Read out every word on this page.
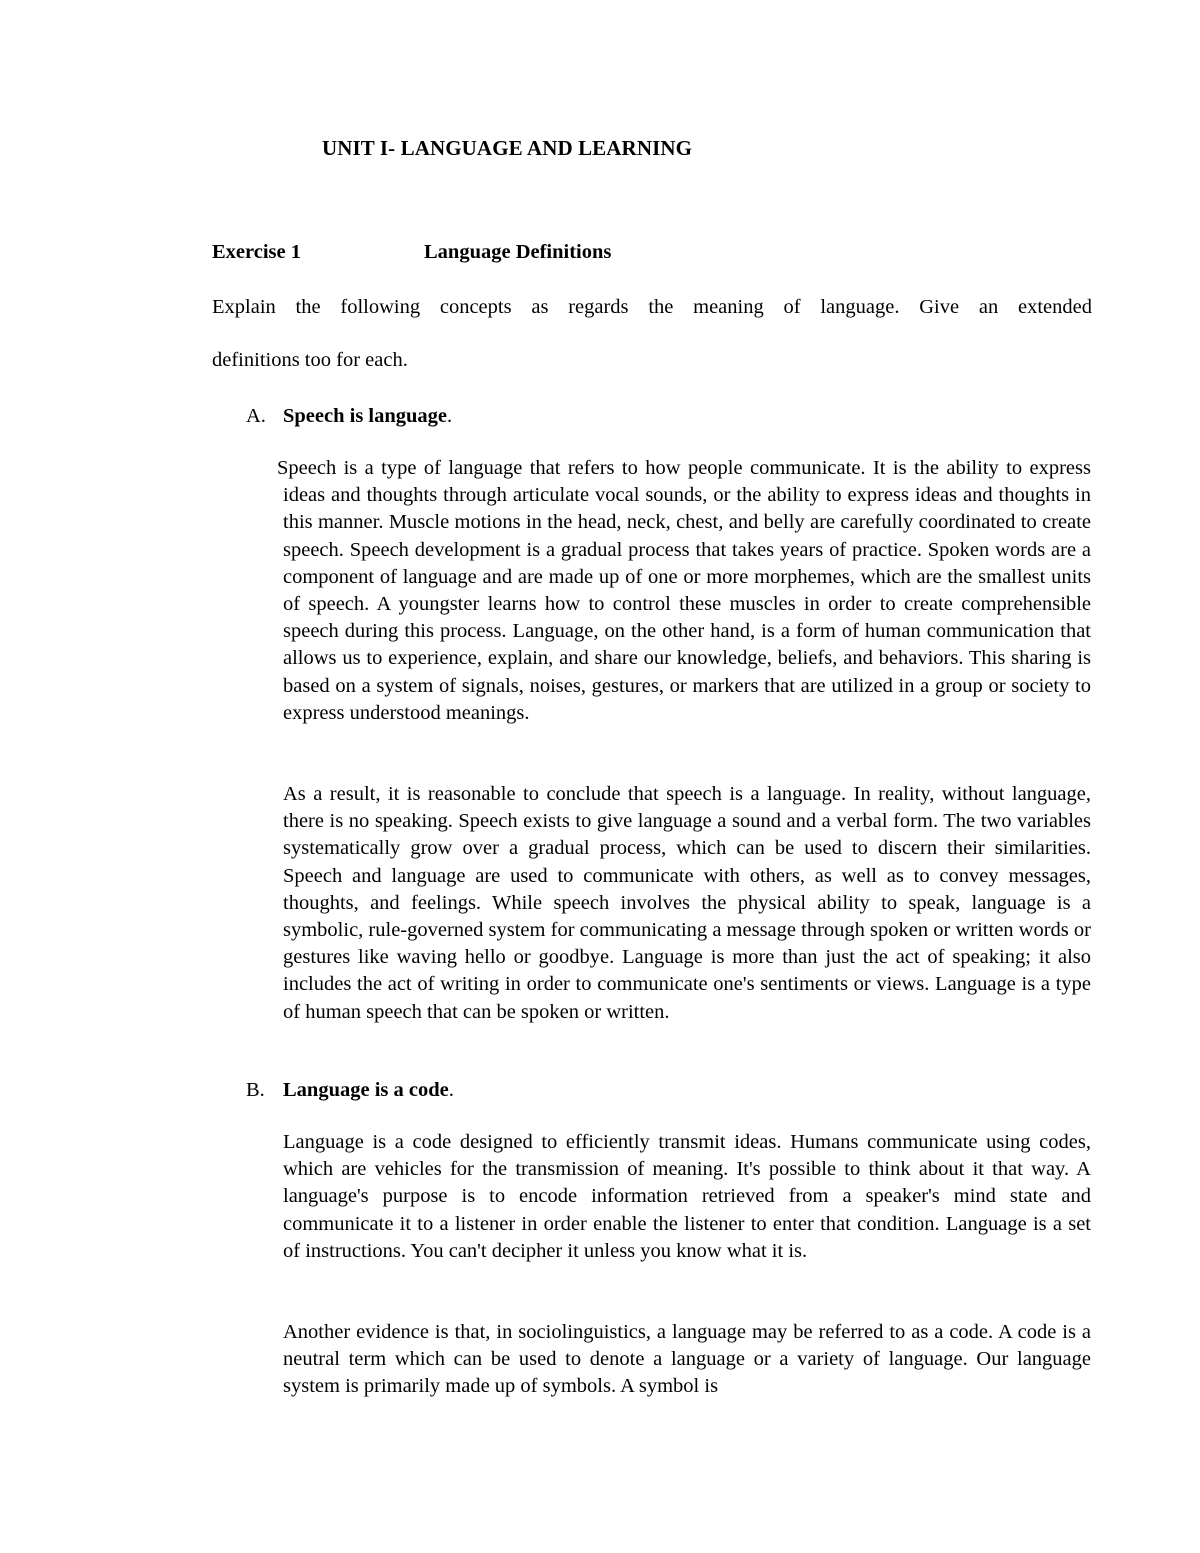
UNIT I- LANGUAGE AND LEARNING
Exercise 1	Language Definitions
Explain the following concepts as regards the meaning of language. Give an extended
definitions too for each.
A. Speech is language.

Speech is a type of language that refers to how people communicate. It is the ability to express ideas and thoughts through articulate vocal sounds, or the ability to express ideas and thoughts in this manner. Muscle motions in the head, neck, chest, and belly are carefully coordinated to create speech. Speech development is a gradual process that takes years of practice. Spoken words are a component of language and are made up of one or more morphemes, which are the smallest units of speech. A youngster learns how to control these muscles in order to create comprehensible speech during this process. Language, on the other hand, is a form of human communication that allows us to experience, explain, and share our knowledge, beliefs, and behaviors. This sharing is based on a system of signals, noises, gestures, or markers that are utilized in a group or society to express understood meanings.

As a result, it is reasonable to conclude that speech is a language. In reality, without language, there is no speaking. Speech exists to give language a sound and a verbal form. The two variables systematically grow over a gradual process, which can be used to discern their similarities. Speech and language are used to communicate with others, as well as to convey messages, thoughts, and feelings. While speech involves the physical ability to speak, language is a symbolic, rule-governed system for communicating a message through spoken or written words or gestures like waving hello or goodbye. Language is more than just the act of speaking; it also includes the act of writing in order to communicate one's sentiments or views. Language is a type of human speech that can be spoken or written.

B. Language is a code.

Language is a code designed to efficiently transmit ideas. Humans communicate using codes, which are vehicles for the transmission of meaning. It's possible to think about it that way. A language's purpose is to encode information retrieved from a speaker's mind state and communicate it to a listener in order enable the listener to enter that condition. Language is a set of instructions. You can't decipher it unless you know what it is.

Another evidence is that, in sociolinguistics, a language may be referred to as a code. A code is a neutral term which can be used to denote a language or a variety of language. Our language system is primarily made up of symbols. A symbol is
